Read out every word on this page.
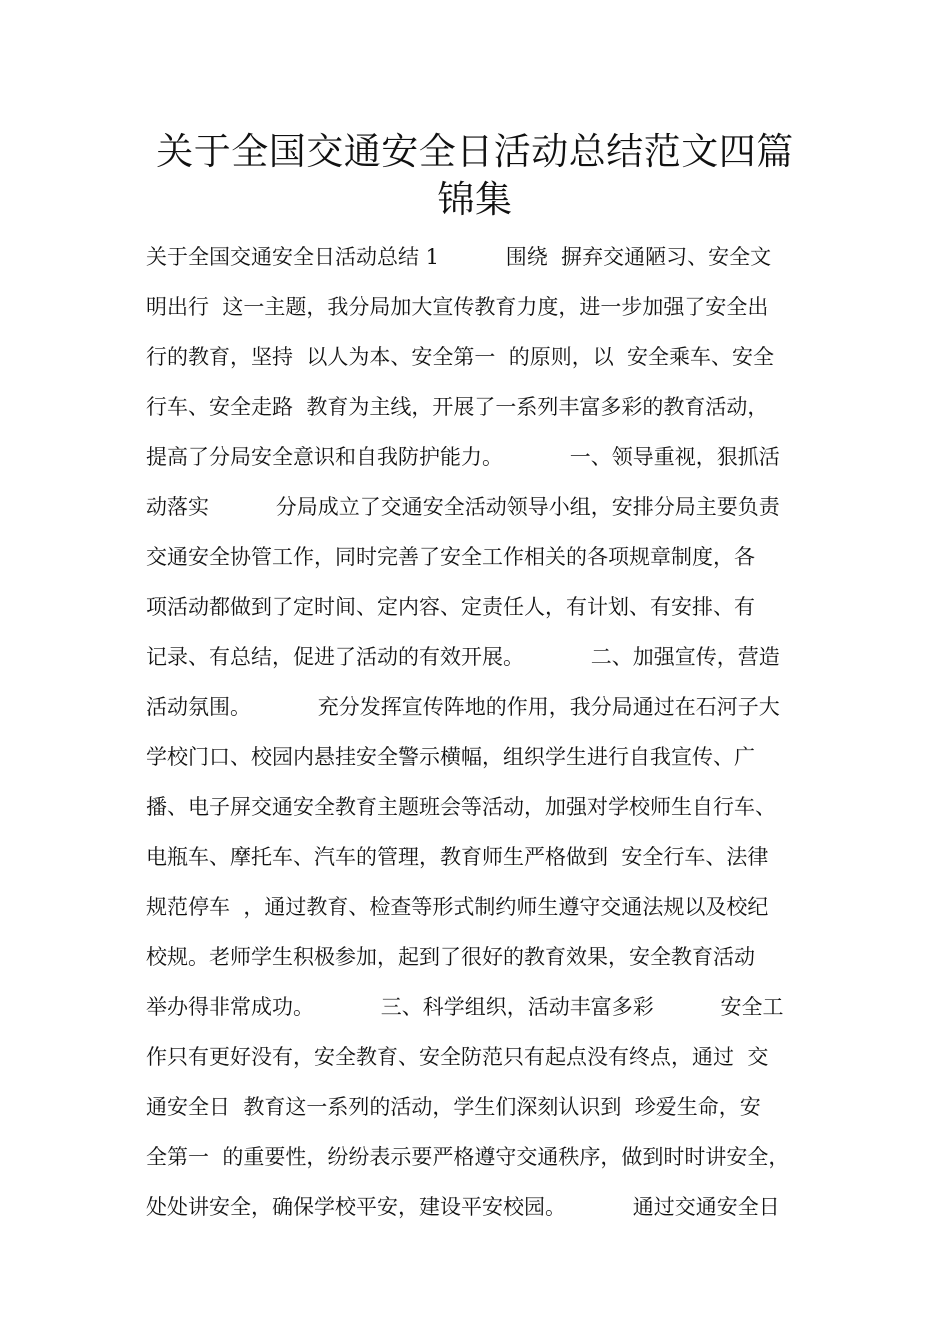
关于全国交通安全日活动总结范文四篇
锦集
关于全国交通安全日活动总结 1          围绕  摒弃交通陋习、安全文
明出行  这一主题，我分局加大宣传教育力度，进一步加强了安全出
行的教育，坚持  以人为本、安全第一  的原则，以  安全乘车、安全
行车、安全走路  教育为主线，开展了一系列丰富多彩的教育活动，
提高了分局安全意识和自我防护能力。          一、领导重视，狠抓活
动落实          分局成立了交通安全活动领导小组，安排分局主要负责
交通安全协管工作，同时完善了安全工作相关的各项规章制度，各
项活动都做到了定时间、定内容、定责任人，有计划、有安排、有
记录、有总结，促进了活动的有效开展。          二、加强宣传，营造
活动氛围。          充分发挥宣传阵地的作用，我分局通过在石河子大
学校门口、校园内悬挂安全警示横幅，组织学生进行自我宣传、广
播、电子屏交通安全教育主题班会等活动，加强对学校师生自行车、
电瓶车、摩托车、汽车的管理，教育师生严格做到  安全行车、法律
规范停车  ，通过教育、检查等形式制约师生遵守交通法规以及校纪
校规。老师学生积极参加，起到了很好的教育效果，安全教育活动
举办得非常成功。          三、科学组织，活动丰富多彩          安全工
作只有更好没有，安全教育、安全防范只有起点没有终点，通过  交
通安全日  教育这一系列的活动，学生们深刻认识到  珍爱生命，安
全第一  的重要性，纷纷表示要严格遵守交通秩序，做到时时讲安全，
处处讲安全，确保学校平安，建设平安校园。          通过交通安全日
